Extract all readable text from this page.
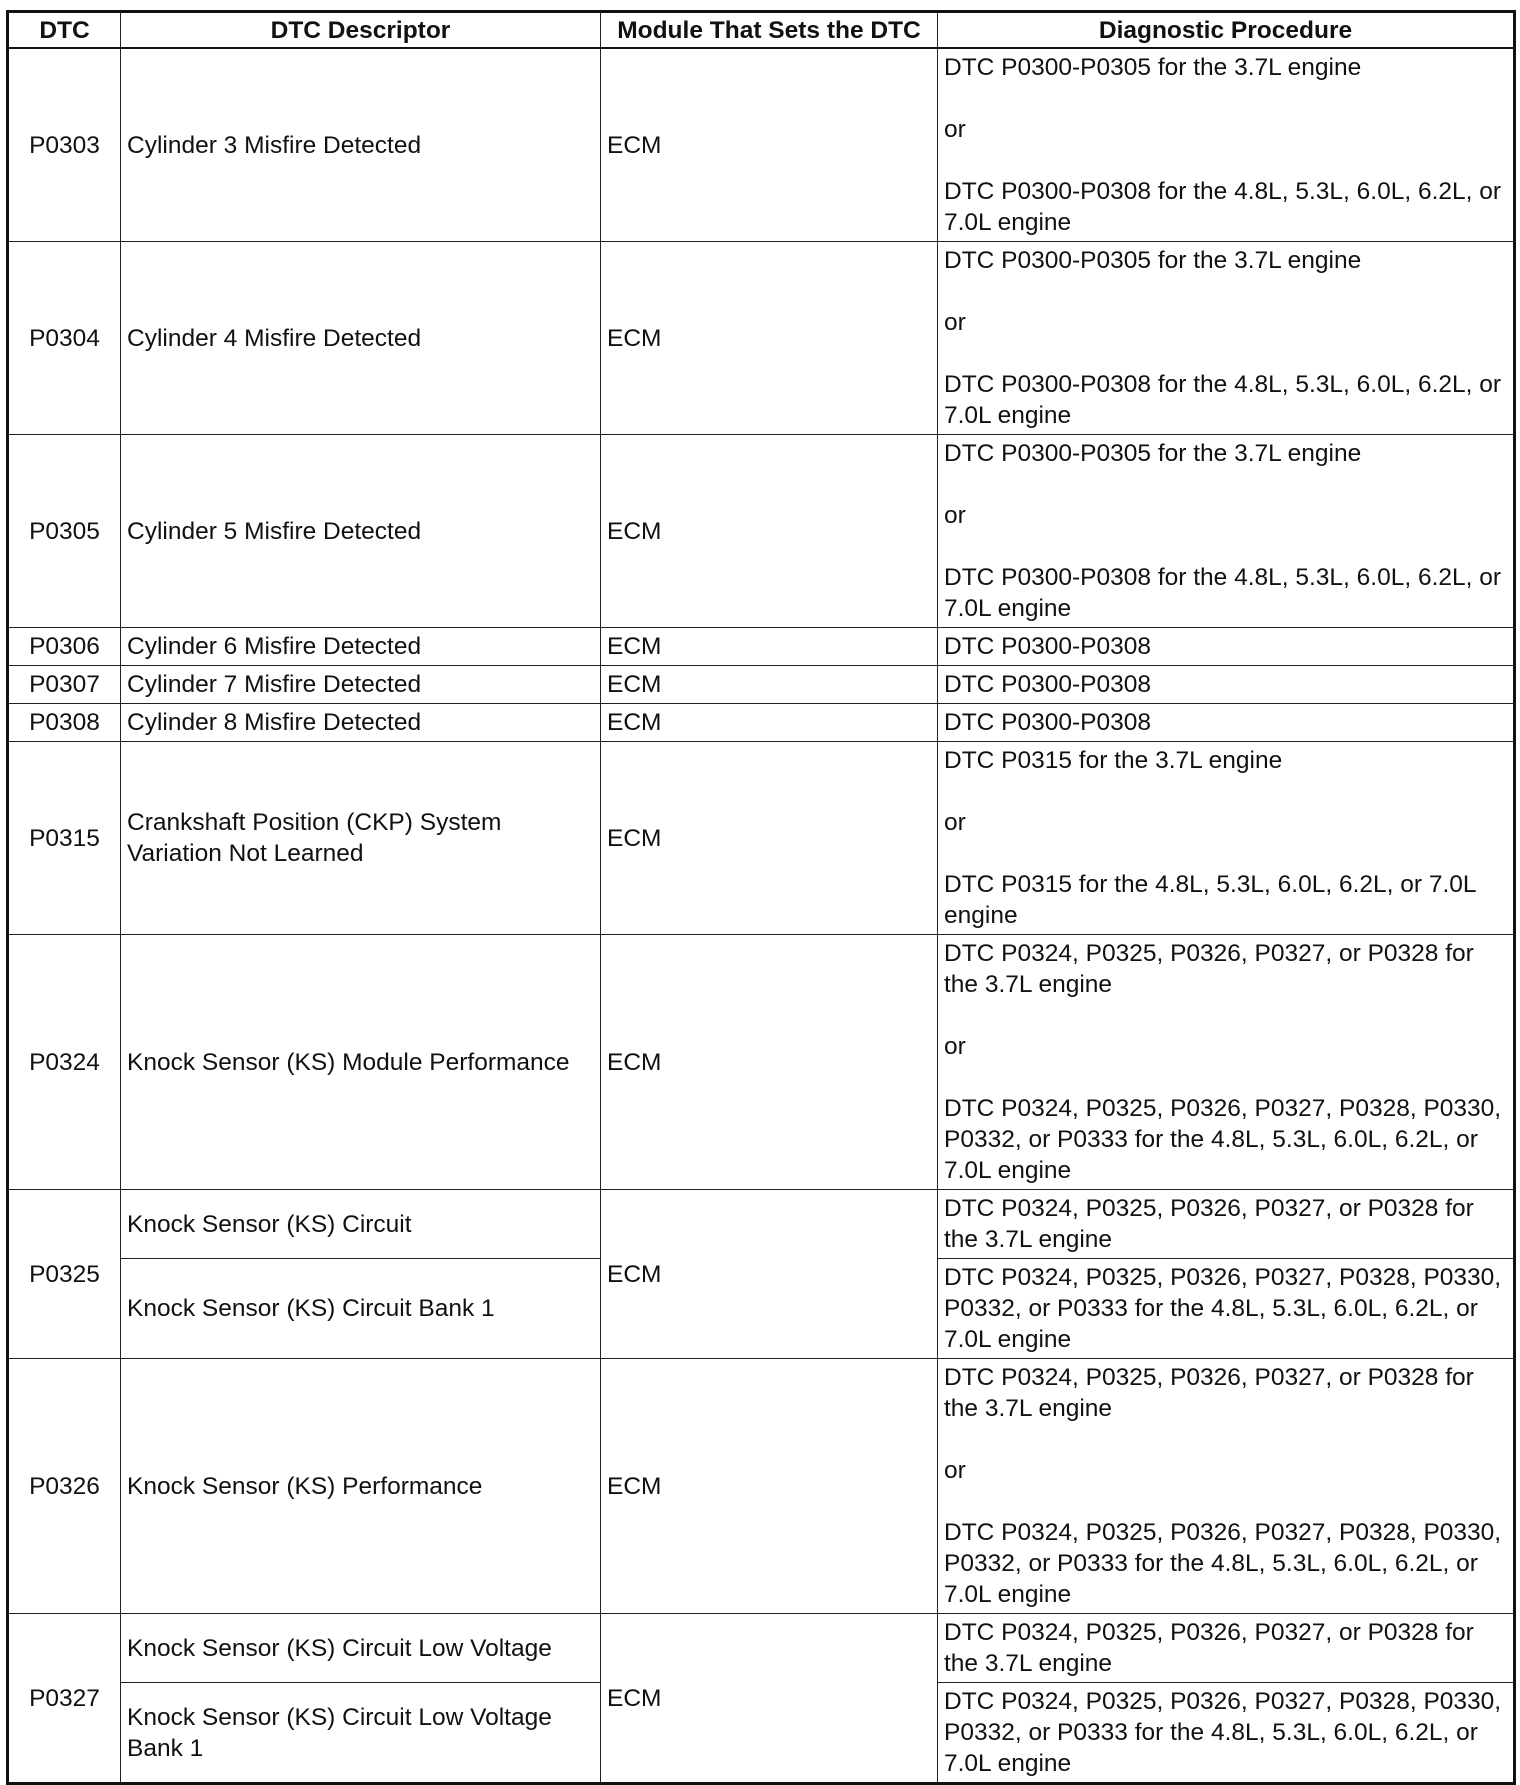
DTC	DTC Descriptor	Module That Sets the DTC	Diagnostic Procedure
P0303	Cylinder 3 Misfire Detected	ECM	DTC P0300-P0305 for the 3.7L engine
or
DTC P0300-P0308 for the 4.8L, 5.3L, 6.0L, 6.2L, or 7.0L engine
P0304	Cylinder 4 Misfire Detected	ECM	DTC P0300-P0305 for the 3.7L engine
or
DTC P0300-P0308 for the 4.8L, 5.3L, 6.0L, 6.2L, or 7.0L engine
P0305	Cylinder 5 Misfire Detected	ECM	DTC P0300-P0305 for the 3.7L engine
or
DTC P0300-P0308 for the 4.8L, 5.3L, 6.0L, 6.2L, or 7.0L engine
P0306	Cylinder 6 Misfire Detected	ECM	DTC P0300-P0308
P0307	Cylinder 7 Misfire Detected	ECM	DTC P0300-P0308
P0308	Cylinder 8 Misfire Detected	ECM	DTC P0300-P0308
P0315	Crankshaft Position (CKP) System Variation Not Learned	ECM	DTC P0315 for the 3.7L engine
or
DTC P0315 for the 4.8L, 5.3L, 6.0L, 6.2L, or 7.0L engine
P0324	Knock Sensor (KS) Module Performance	ECM	DTC P0324, P0325, P0326, P0327, or P0328 for the 3.7L engine
or
DTC P0324, P0325, P0326, P0327, P0328, P0330, P0332, or P0333 for the 4.8L, 5.3L, 6.0L, 6.2L, or 7.0L engine
P0325	Knock Sensor (KS) Circuit	ECM	DTC P0324, P0325, P0326, P0327, or P0328 for the 3.7L engine
	Knock Sensor (KS) Circuit Bank 1		DTC P0324, P0325, P0326, P0327, P0328, P0330, P0332, or P0333 for the 4.8L, 5.3L, 6.0L, 6.2L, or 7.0L engine
P0326	Knock Sensor (KS) Performance	ECM	DTC P0324, P0325, P0326, P0327, or P0328 for the 3.7L engine
or
DTC P0324, P0325, P0326, P0327, P0328, P0330, P0332, or P0333 for the 4.8L, 5.3L, 6.0L, 6.2L, or 7.0L engine
P0327	Knock Sensor (KS) Circuit Low Voltage	ECM	DTC P0324, P0325, P0326, P0327, or P0328 for the 3.7L engine
	Knock Sensor (KS) Circuit Low Voltage Bank 1		DTC P0324, P0325, P0326, P0327, P0328, P0330, P0332, or P0333 for the 4.8L, 5.3L, 6.0L, 6.2L, or 7.0L engine
